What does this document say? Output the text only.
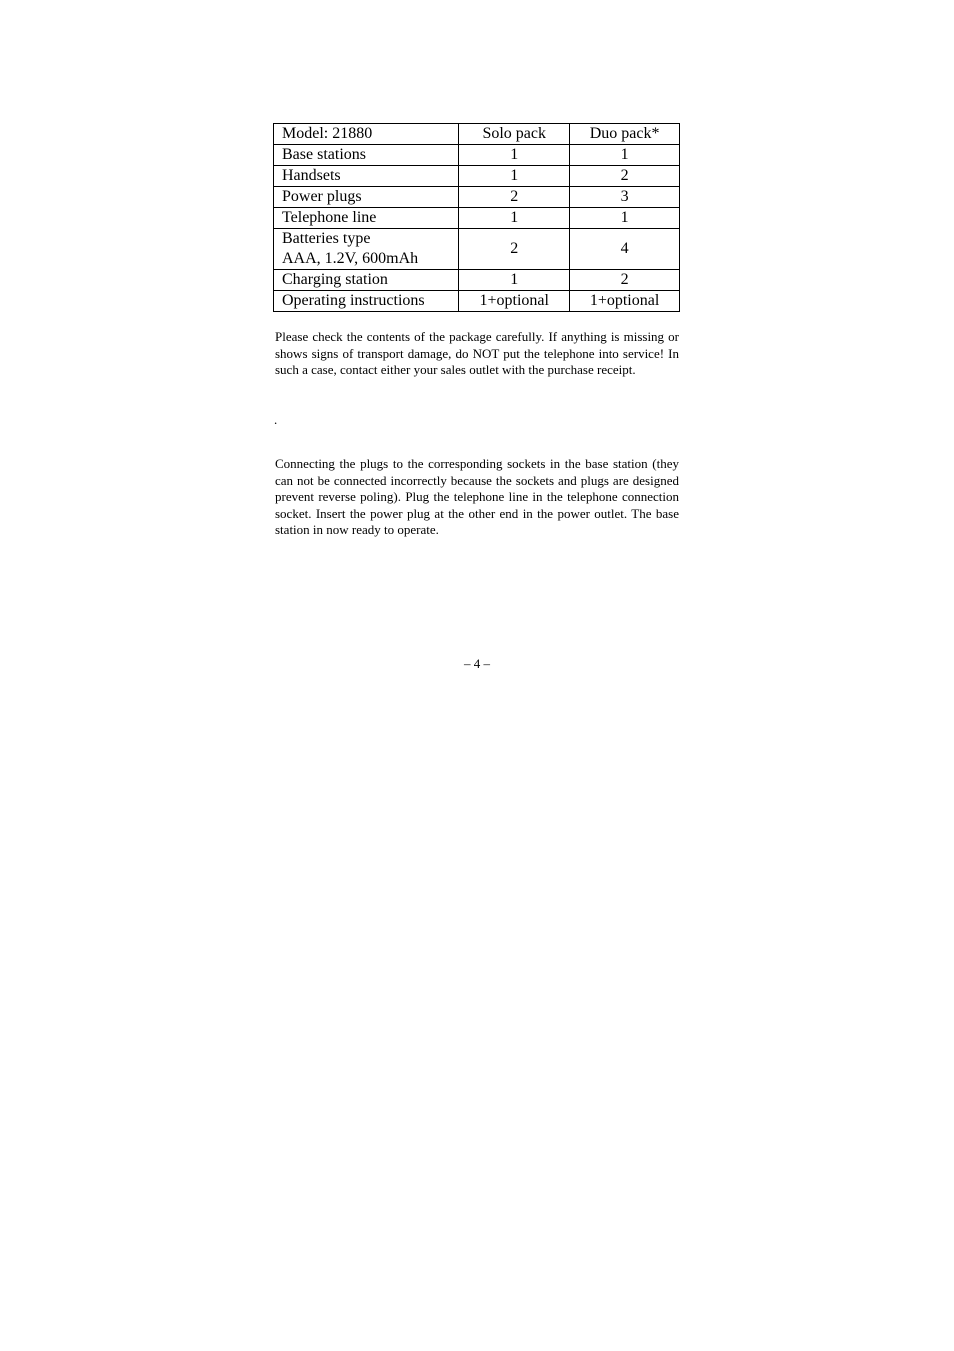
Model: 21880	Solo pack	Duo pack*
Base stations	1	1
Handsets	1	2
Power plugs	2	3
Telephone line	1	1

Batteries type
AAA, 1.2V, 600mAh	2	4
Charging station	1	2
Operating instructions	1+optional	1+optional

Please check the contents of the package carefully. If anything is missing or shows signs of transport damage, do NOT put the telephone into service! In such a case, contact either your sales outlet with the purchase receipt.

.

Connecting the plugs to the corresponding sockets in the base station (they can not be connected incorrectly because the sockets and plugs are designed prevent reverse poling). Plug the telephone line in the telephone connection socket. Insert the power plug at the other end in the power outlet. The base station in now ready to operate.

– 4 –
